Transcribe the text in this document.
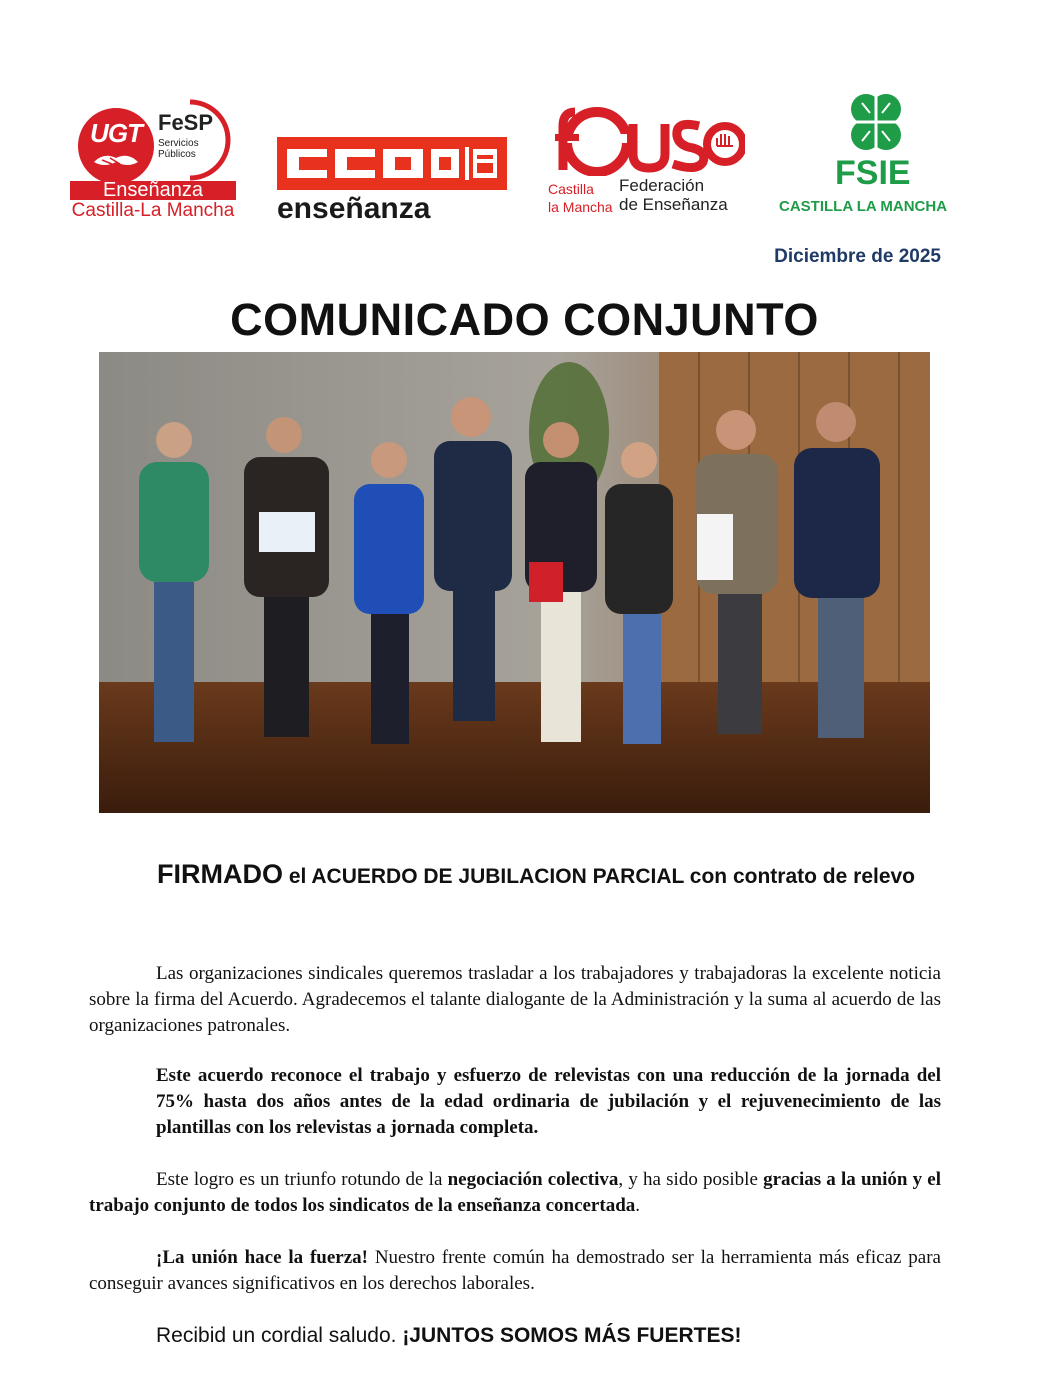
UGT FeSP
Servicios
Públicos
Enseñanza
Castilla-La Mancha enseñanza
Castilla
la Mancha
Federación
de Enseñanza
FSIE
CASTILLA LA MANCHA
Diciembre de 2025
COMUNICADO CONJUNTO
FIRMADO el ACUERDO DE JUBILACION PARCIAL con contrato de relevo
Las organizaciones sindicales queremos trasladar a los trabajadores y trabajadoras la excelente noticia sobre la firma del Acuerdo. Agradecemos el talante dialogante de la Administración y la suma al acuerdo de las organizaciones patronales.
Este acuerdo reconoce el trabajo y esfuerzo de relevistas con una reducción de la jornada del 75% hasta dos años antes de la edad ordinaria de jubilación y el rejuvenecimiento de las plantillas con los relevistas a jornada completa.
Este logro es un triunfo rotundo de la negociación colectiva, y ha sido posible gracias a la unión y el trabajo conjunto de todos los sindicatos de la enseñanza concertada.
¡La unión hace la fuerza! Nuestro frente común ha demostrado ser la herramienta más eficaz para conseguir avances significativos en los derechos laborales.
Recibid un cordial saludo. ¡JUNTOS SOMOS MÁS FUERTES!
